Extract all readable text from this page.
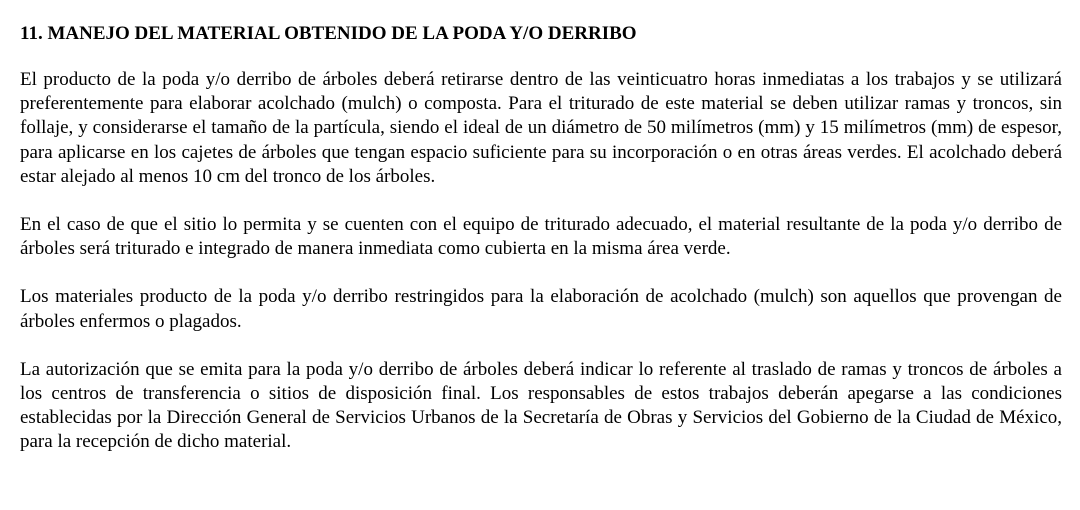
11. MANEJO DEL MATERIAL OBTENIDO DE LA PODA Y/O DERRIBO

El producto de la poda y/o derribo de árboles deberá retirarse dentro de las veinticuatro horas inmediatas a los trabajos y se utilizará preferentemente para elaborar acolchado (mulch) o composta. Para el triturado de este material se deben utilizar ramas y troncos, sin follaje, y considerarse el tamaño de la partícula, siendo el ideal de un diámetro de 50 milímetros (mm) y 15 milímetros (mm) de espesor, para aplicarse en los cajetes de árboles que tengan espacio suficiente para su incorporación o en otras áreas verdes. El acolchado deberá estar alejado al menos 10 cm del tronco de los árboles.

En el caso de que el sitio lo permita y se cuenten con el equipo de triturado adecuado, el material resultante de la poda y/o derribo de árboles será triturado e integrado de manera inmediata como cubierta en la misma área verde.

Los materiales producto de la poda y/o derribo restringidos para la elaboración de acolchado (mulch) son aquellos que provengan de árboles enfermos o plagados.

La autorización que se emita para la poda y/o derribo de árboles deberá indicar lo referente al traslado de ramas y troncos de árboles a los centros de transferencia o sitios de disposición final. Los responsables de estos trabajos deberán apegarse a las condiciones establecidas por la Dirección General de Servicios Urbanos de la Secretaría de Obras y Servicios del Gobierno de la Ciudad de México, para la recepción de dicho material.
